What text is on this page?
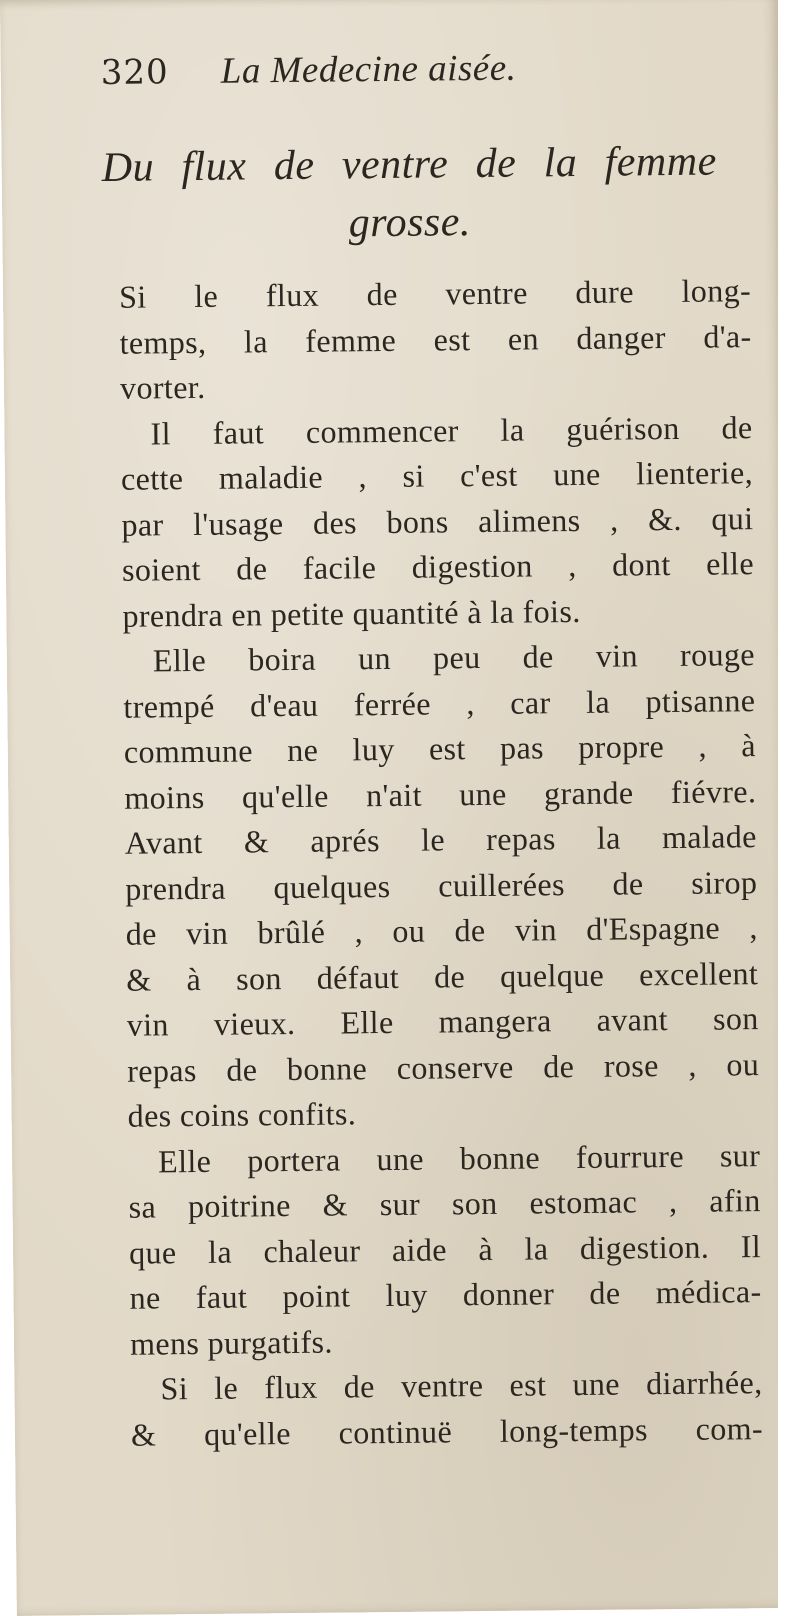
320	La Medecine aisée.
Du flux de ventre de la femme
grosse.
Si le flux de ventre dure long-
temps, la femme est en danger d'a-
vorter.
Il faut commencer la guérison de
cette maladie , si c'est une lienterie,
par l'usage des bons alimens , &. qui
soient de facile digestion , dont elle
prendra en petite quantité à la fois.
Elle boira un peu de vin rouge
trempé d'eau ferrée , car la ptisanne
commune ne luy est pas propre , à
moins qu'elle n'ait une grande fiévre.
Avant & aprés le repas la malade
prendra quelques cuillerées de sirop
de vin brûlé , ou de vin d'Espagne ,
& à son défaut de quelque excellent
vin vieux. Elle mangera avant son
repas de bonne conserve de rose , ou
des coins confits.
Elle portera une bonne fourrure sur
sa poitrine & sur son estomac , afin
que la chaleur aide à la digestion. Il
ne faut point luy donner de médica-
mens purgatifs.
Si le flux de ventre est une diarrhée,
& qu'elle continuë long-temps com-
